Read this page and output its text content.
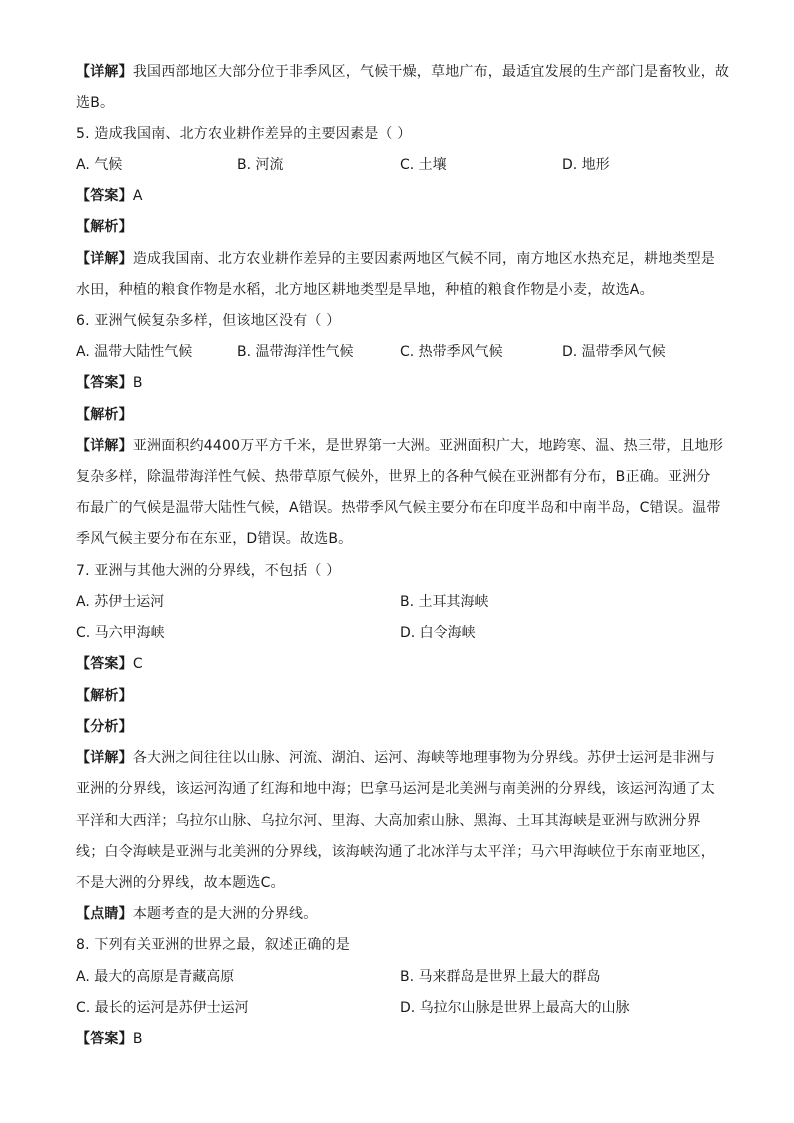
【详解】我国西部地区大部分位于非季风区，气候干燥，草地广布，最适宜发展的生产部门是畜牧业，故
选B。
5. 造成我国南、北方农业耕作差异的主要因素是（ ）
A. 气候	B. 河流	C. 土壤	D. 地形
【答案】A
【解析】
【详解】造成我国南、北方农业耕作差异的主要因素两地区气候不同，南方地区水热充足，耕地类型是
水田，种植的粮食作物是水稻，北方地区耕地类型是旱地，种植的粮食作物是小麦，故选A。
6. 亚洲气候复杂多样，但该地区没有（ ）
A. 温带大陆性气候	B. 温带海洋性气候	C. 热带季风气候	D. 温带季风气候
【答案】B
【解析】
【详解】亚洲面积约4400万平方千米，是世界第一大洲。亚洲面积广大，地跨寒、温、热三带，且地形
复杂多样，除温带海洋性气候、热带草原气候外，世界上的各种气候在亚洲都有分布，B正确。亚洲分
布最广的气候是温带大陆性气候，A错误。热带季风气候主要分布在印度半岛和中南半岛，C错误。温带
季风气候主要分布在东亚，D错误。故选B。
7. 亚洲与其他大洲的分界线，不包括（ ）
A. 苏伊士运河	B. 土耳其海峡
C. 马六甲海峡	D. 白令海峡
【答案】C
【解析】
【分析】
【详解】各大洲之间往往以山脉、河流、湖泊、运河、海峡等地理事物为分界线。苏伊士运河是非洲与
亚洲的分界线，该运河沟通了红海和地中海；巴拿马运河是北美洲与南美洲的分界线，该运河沟通了太
平洋和大西洋；乌拉尔山脉、乌拉尔河、里海、大高加索山脉、黑海、土耳其海峡是亚洲与欧洲分界
线；白令海峡是亚洲与北美洲的分界线，该海峡沟通了北冰洋与太平洋；马六甲海峡位于东南亚地区，
不是大洲的分界线，故本题选C。
【点睛】本题考查的是大洲的分界线。
8. 下列有关亚洲的世界之最，叙述正确的是
A. 最大的高原是青藏高原	B. 马来群岛是世界上最大的群岛
C. 最长的运河是苏伊士运河	D. 乌拉尔山脉是世界上最高大的山脉
【答案】B
